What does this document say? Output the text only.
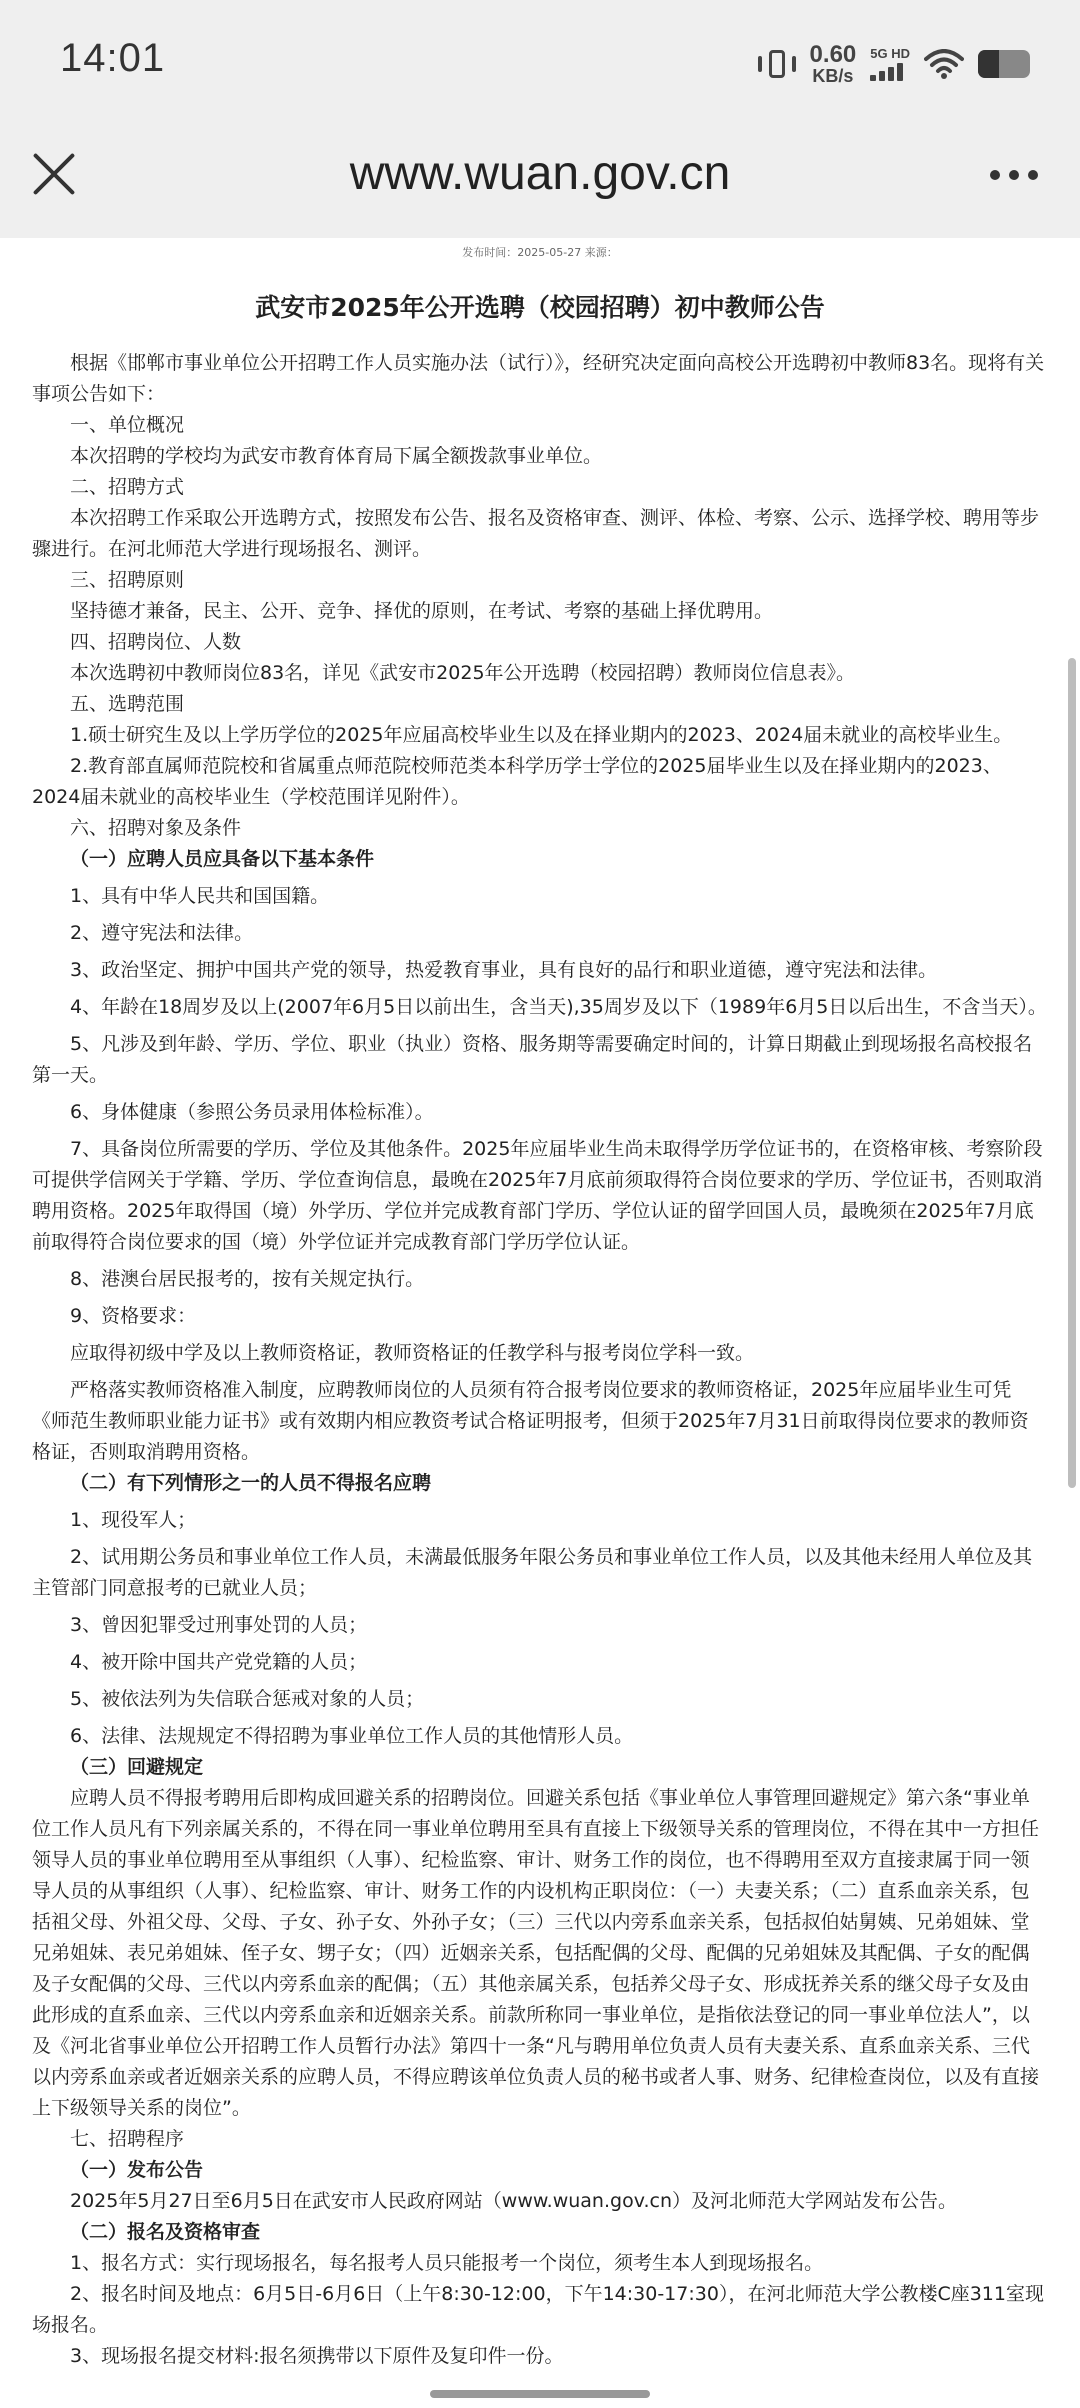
14:01	0.60
KB/s
5G HD
www.wuan.gov.cn
发布时间：2025-05-27 来源：
武安市2025年公开选聘（校园招聘）初中教师公告

根据《邯郸市事业单位公开招聘工作人员实施办法（试行）》，经研究决定面向高校公开选聘初中教师83名。现将有关事项公告如下：

一、单位概况

本次招聘的学校均为武安市教育体育局下属全额拨款事业单位。

二、招聘方式

本次招聘工作采取公开选聘方式，按照发布公告、报名及资格审查、测评、体检、考察、公示、选择学校、聘用等步骤进行。在河北师范大学进行现场报名、测评。

三、招聘原则

坚持德才兼备，民主、公开、竞争、择优的原则，在考试、考察的基础上择优聘用。

四、招聘岗位、人数

本次选聘初中教师岗位83名，详见《武安市2025年公开选聘（校园招聘）教师岗位信息表》。

五、选聘范围

1.硕士研究生及以上学历学位的2025年应届高校毕业生以及在择业期内的2023、2024届未就业的高校毕业生。

2.教育部直属师范院校和省属重点师范院校师范类本科学历学士学位的2025届毕业生以及在择业期内的2023、2024届未就业的高校毕业生（学校范围详见附件）。

六、招聘对象及条件

（一）应聘人员应具备以下基本条件

1、具有中华人民共和国国籍。

2、遵守宪法和法律。

3、政治坚定、拥护中国共产党的领导，热爱教育事业，具有良好的品行和职业道德，遵守宪法和法律。

4、年龄在18周岁及以上(2007年6月5日以前出生，含当天),35周岁及以下（1989年6月5日以后出生，不含当天）。

5、凡涉及到年龄、学历、学位、职业（执业）资格、服务期等需要确定时间的，计算日期截止到现场报名高校报名第一天。

6、身体健康（参照公务员录用体检标准）。

7、具备岗位所需要的学历、学位及其他条件。2025年应届毕业生尚未取得学历学位证书的，在资格审核、考察阶段可提供学信网关于学籍、学历、学位查询信息，最晚在2025年7月底前须取得符合岗位要求的学历、学位证书，否则取消聘用资格。2025年取得国（境）外学历、学位并完成教育部门学历、学位认证的留学回国人员，最晚须在2025年7月底前取得符合岗位要求的国（境）外学位证并完成教育部门学历学位认证。

8、港澳台居民报考的，按有关规定执行。

9、资格要求：

应取得初级中学及以上教师资格证，教师资格证的任教学科与报考岗位学科一致。

严格落实教师资格准入制度，应聘教师岗位的人员须有符合报考岗位要求的教师资格证，2025年应届毕业生可凭《师范生教师职业能力证书》或有效期内相应教资考试合格证明报考，但须于2025年7月31日前取得岗位要求的教师资格证，否则取消聘用资格。

（二）有下列情形之一的人员不得报名应聘

1、现役军人；

2、试用期公务员和事业单位工作人员，未满最低服务年限公务员和事业单位工作人员，以及其他未经用人单位及其主管部门同意报考的已就业人员；

3、曾因犯罪受过刑事处罚的人员；

4、被开除中国共产党党籍的人员；

5、被依法列为失信联合惩戒对象的人员；

6、法律、法规规定不得招聘为事业单位工作人员的其他情形人员。

（三）回避规定

应聘人员不得报考聘用后即构成回避关系的招聘岗位。回避关系包括《事业单位人事管理回避规定》第六条“事业单位工作人员凡有下列亲属关系的，不得在同一事业单位聘用至具有直接上下级领导关系的管理岗位，不得在其中一方担任领导人员的事业单位聘用至从事组织（人事）、纪检监察、审计、财务工作的岗位，也不得聘用至双方直接隶属于同一领导人员的从事组织（人事）、纪检监察、审计、财务工作的内设机构正职岗位：（一）夫妻关系；（二）直系血亲关系，包括祖父母、外祖父母、父母、子女、孙子女、外孙子女；（三）三代以内旁系血亲关系，包括叔伯姑舅姨、兄弟姐妹、堂兄弟姐妹、表兄弟姐妹、侄子女、甥子女；（四）近姻亲关系，包括配偶的父母、配偶的兄弟姐妹及其配偶、子女的配偶及子女配偶的父母、三代以内旁系血亲的配偶；（五）其他亲属关系，包括养父母子女、形成抚养关系的继父母子女及由此形成的直系血亲、三代以内旁系血亲和近姻亲关系。前款所称同一事业单位，是指依法登记的同一事业单位法人”，以及《河北省事业单位公开招聘工作人员暂行办法》第四十一条“凡与聘用单位负责人员有夫妻关系、直系血亲关系、三代以内旁系血亲或者近姻亲关系的应聘人员，不得应聘该单位负责人员的秘书或者人事、财务、纪律检查岗位，以及有直接上下级领导关系的岗位”。

七、招聘程序

（一）发布公告

2025年5月27日至6月5日在武安市人民政府网站（www.wuan.gov.cn）及河北师范大学网站发布公告。

（二）报名及资格审查

1、报名方式：实行现场报名，每名报考人员只能报考一个岗位，须考生本人到现场报名。

2、报名时间及地点：6月5日-6月6日（上午8:30-12:00，下午14:30-17:30），在河北师范大学公教楼C座311室现场报名。

3、现场报名提交材料:报名须携带以下原件及复印件一份。
